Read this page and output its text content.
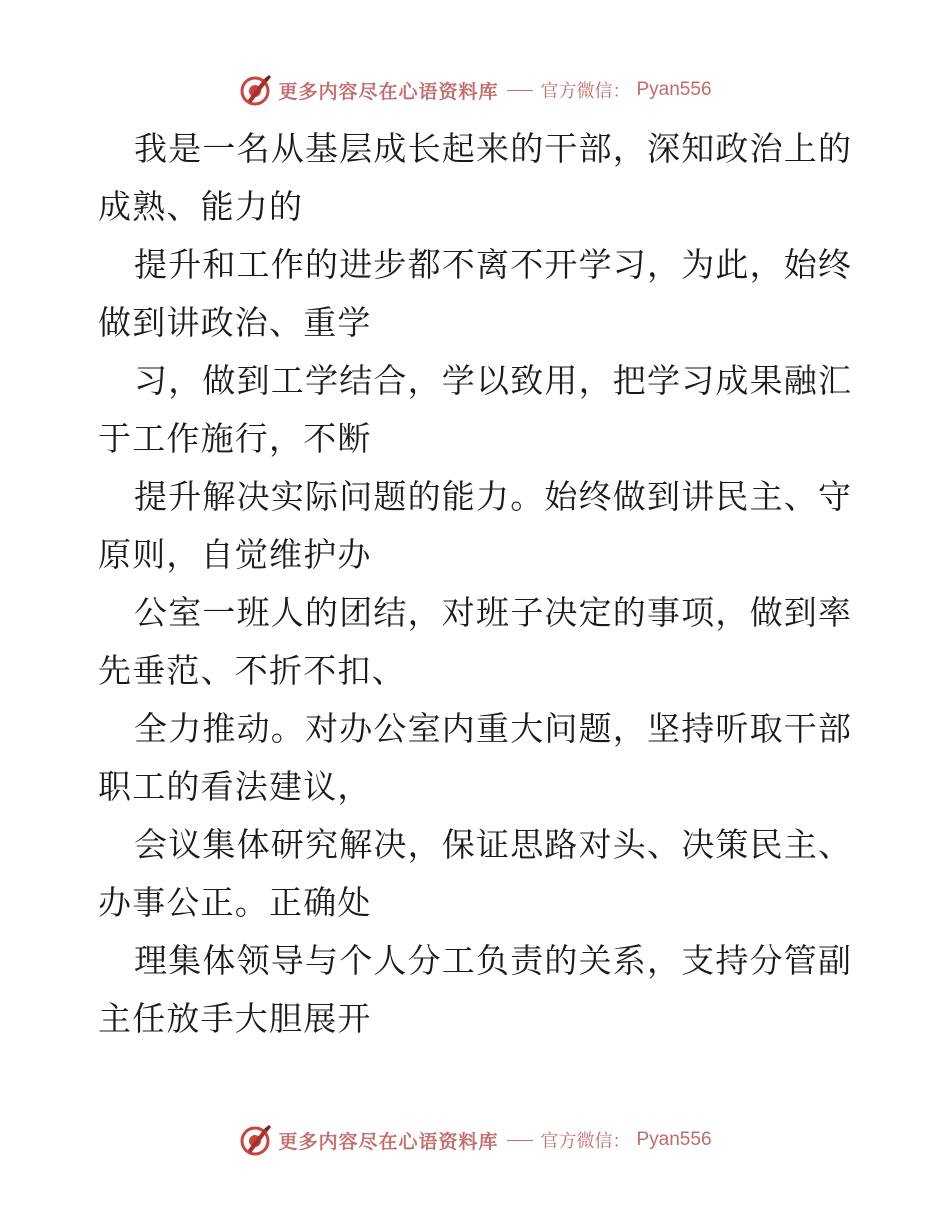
更多内容尽在心语资料库 官方微信： Pyan556
我是一名从基层成长起来的干部，深知政治上的
成熟、能力的
提升和工作的进步都不离不开学习，为此，始终
做到讲政治、重学
习，做到工学结合，学以致用，把学习成果融汇
于工作施行，不断
提升解决实际问题的能力。始终做到讲民主、守
原则，自觉维护办
公室一班人的团结，对班子决定的事项，做到率
先垂范、不折不扣、
全力推动。对办公室内重大问题，坚持听取干部
职工的看法建议，
会议集体研究解决，保证思路对头、决策民主、
办事公正。正确处
理集体领导与个人分工负责的关系，支持分管副
主任放手大胆展开
更多内容尽在心语资料库 官方微信： Pyan556
